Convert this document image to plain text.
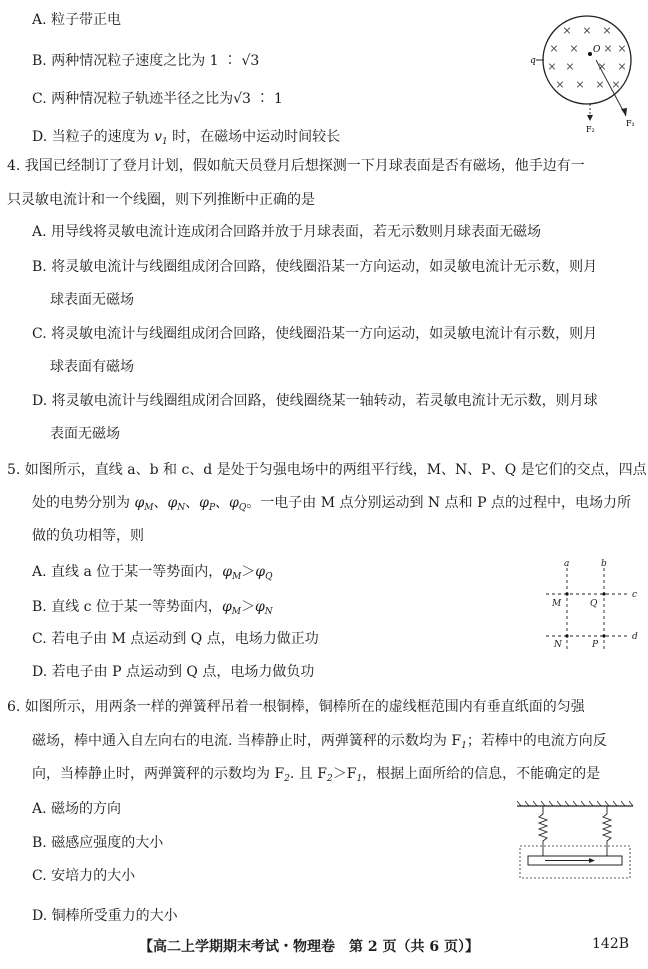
A. 粒子带正电
B. 两种情况粒子速度之比为 1 ∶ √3
C. 两种情况粒子轨迹半径之比为√3 ∶ 1
D. 当粒子的速度为 $v_1$ 时，在磁场中运动时间较长
× × ×
× × × ×
× × × ×
× × × ×
O
q
F₁
F₂
4. 我国已经制订了登月计划，假如航天员登月后想探测一下月球表面是否有磁场，他手边有一
只灵敏电流计和一个线圈，则下列推断中正确的是
A. 用导线将灵敏电流计连成闭合回路并放于月球表面，若无示数则月球表面无磁场
B. 将灵敏电流计与线圈组成闭合回路，使线圈沿某一方向运动，如灵敏电流计无示数，则月
球表面无磁场
C. 将灵敏电流计与线圈组成闭合回路，使线圈沿某一方向运动，如灵敏电流计有示数，则月
球表面有磁场
D. 将灵敏电流计与线圈组成闭合回路，使线圈绕某一轴转动，若灵敏电流计无示数，则月球
表面无磁场
5. 如图所示，直线 a、b 和 c、d 是处于匀强电场中的两组平行线，M、N、P、Q 是它们的交点，四点
处的电势分别为 $\varphi_M$、$\varphi_N$、$\varphi_P$、$\varphi_Q$。一电子由 M 点分别运动到 N 点和 P 点的过程中，电场力所
做的负功相等，则
A. 直线 a 位于某一等势面内，$\varphi_M>\varphi_Q$
B. 直线 c 位于某一等势面内，$\varphi_M>\varphi_N$
C. 若电子由 M 点运动到 Q 点，电场力做正功
D. 若电子由 P 点运动到 Q 点，电场力做负功
a	b
c
d
M	Q
N	P
6. 如图所示，用两条一样的弹簧秤吊着一根铜棒，铜棒所在的虚线框范围内有垂直纸面的匀强
磁场，棒中通入自左向右的电流. 当棒静止时，两弹簧秤的示数均为 $F_1$；若棒中的电流方向反
向，当棒静止时，两弹簧秤的示数均为 $F_2$. 且 $F_2>F_1$，根据上面所给的信息，不能确定的是
A. 磁场的方向
B. 磁感应强度的大小
C. 安培力的大小
D. 铜棒所受重力的大小
【高二上学期期末考试・物理卷　第 2 页（共 6 页）】	142B
